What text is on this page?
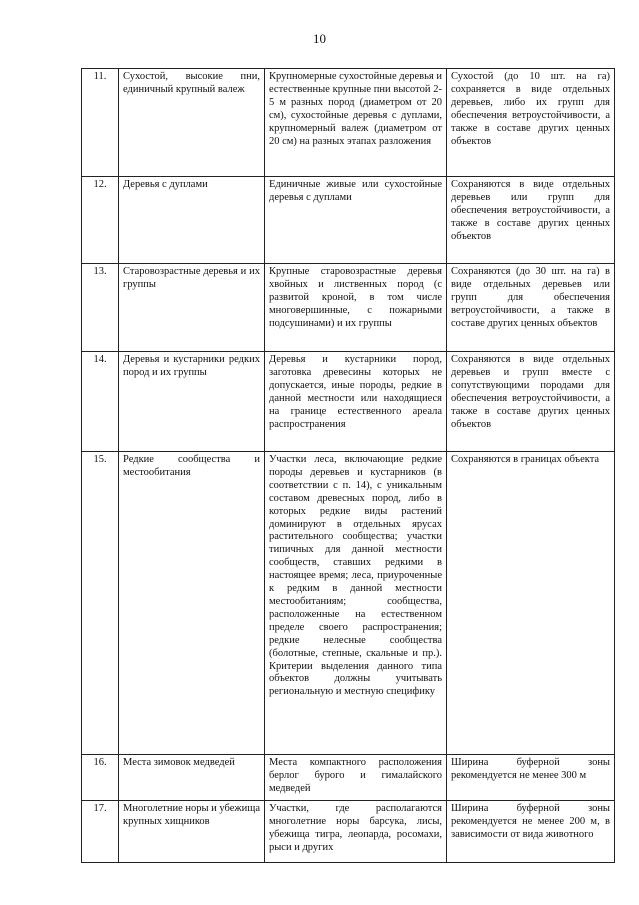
10
11.	Сухостой, высокие пни, единичный крупный валеж	Крупномерные сухостойные деревья и естественные крупные пни высотой 2-5 м разных пород (диаметром от 20 см), сухостойные деревья с дуплами, крупномерный валеж (диаметром от 20 см) на разных этапах разложения	Сухостой (до 10 шт. на га) сохраняется в виде отдельных деревьев, либо их групп для обеспечения ветроустойчивости, а также в составе других ценных объектов
12.	Деревья с дуплами	Единичные живые или сухостойные деревья с дуплами	Сохраняются в виде отдельных деревьев или групп для обеспечения ветроустойчивости, а также в составе других ценных объектов
13.	Старовозрастные деревья и их группы	Крупные старовозрастные деревья хвойных и лиственных пород (с развитой кроной, в том числе многовершинные, с пожарными подсушинами) и их группы	Сохраняются (до 30 шт. на га) в виде отдельных деревьев или групп для обеспечения ветроустойчивости, а также в составе других ценных объектов
14.	Деревья и кустарники редких пород и их группы	Деревья и кустарники пород, заготовка древесины которых не допускается, иные породы, редкие в данной местности или находящиеся на границе естественного ареала распространения	Сохраняются в виде отдельных деревьев и групп вместе с сопутствующими породами для обеспечения ветроустойчивости, а также в составе других ценных объектов
15.	Редкие сообщества и местообитания	Участки леса, включающие редкие породы деревьев и кустарников (в соответствии с п. 14), с уникальным составом древесных пород, либо в которых редкие виды растений доминируют в отдельных ярусах растительного сообщества; участки типичных для данной местности сообществ, ставших редкими в настоящее время; леса, приуроченные к редким в данной местности местообитаниям; сообщества, расположенные на естественном пределе своего распространения; редкие нелесные сообщества (болотные, степные, скальные и пр.). Критерии выделения данного типа объектов должны учитывать региональную и местную специфику	Сохраняются в границах объекта
16.	Места зимовок медведей	Места компактного расположения берлог бурого и гималайского медведей	Ширина буферной зоны рекомендуется не менее 300 м
17.	Многолетние норы и убежища крупных хищников	Участки, где располагаются многолетние норы барсука, лисы, убежища тигра, леопарда, росомахи, рыси и других	Ширина буферной зоны рекомендуется не менее 200 м, в зависимости от вида животного
